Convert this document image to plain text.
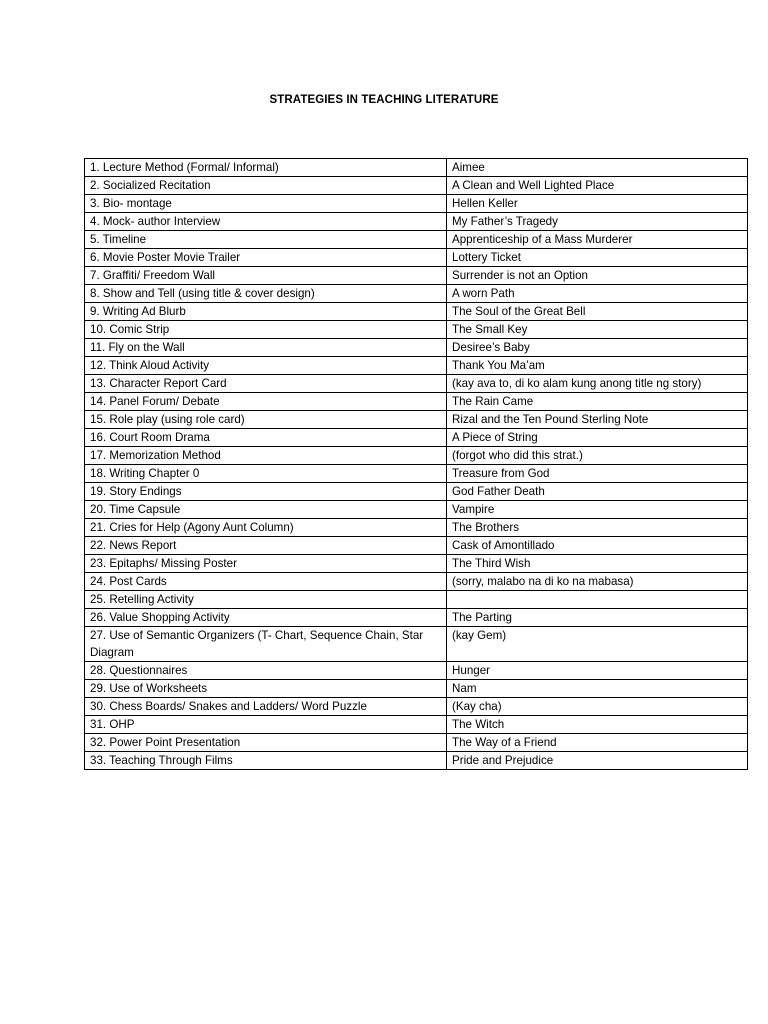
STRATEGIES IN TEACHING LITERATURE
1. Lecture Method (Formal/ Informal)	Aimee
2. Socialized Recitation	A Clean and Well Lighted Place
3. Bio- montage	Hellen Keller
4. Mock- author Interview	My Father’s Tragedy
5. Timeline	Apprenticeship of a Mass Murderer
6. Movie Poster Movie Trailer	Lottery Ticket
7. Graffiti/ Freedom Wall	Surrender is not an Option
8. Show and Tell (using title & cover design)	A worn Path
9. Writing Ad Blurb	The Soul of the Great Bell
10. Comic Strip	The Small Key
11. Fly on the Wall	Desiree’s Baby
12. Think Aloud Activity	Thank You Ma’am
13. Character Report Card	(kay ava to, di ko alam kung anong title ng story)
14. Panel Forum/ Debate	The Rain Came
15. Role play (using role card)	Rizal and the Ten Pound Sterling Note
16. Court Room Drama	A Piece of String
17. Memorization Method	(forgot who did this strat.)
18. Writing Chapter 0	Treasure from God
19. Story Endings	God Father Death
20. Time Capsule	Vampire
21. Cries for Help (Agony Aunt Column)	The Brothers
22. News Report	Cask of Amontillado
23. Epitaphs/ Missing Poster	The Third Wish
24. Post Cards	(sorry, malabo na di ko na mabasa)
25. Retelling Activity	
26. Value Shopping Activity	The Parting
27. Use of Semantic Organizers (T- Chart, Sequence Chain, Star Diagram	(kay Gem)
28. Questionnaires	Hunger
29. Use of Worksheets	Nam
30. Chess Boards/ Snakes and Ladders/ Word Puzzle	(Kay cha)
31. OHP	The Witch
32. Power Point Presentation	The Way of a Friend
33. Teaching Through Films	Pride and Prejudice
